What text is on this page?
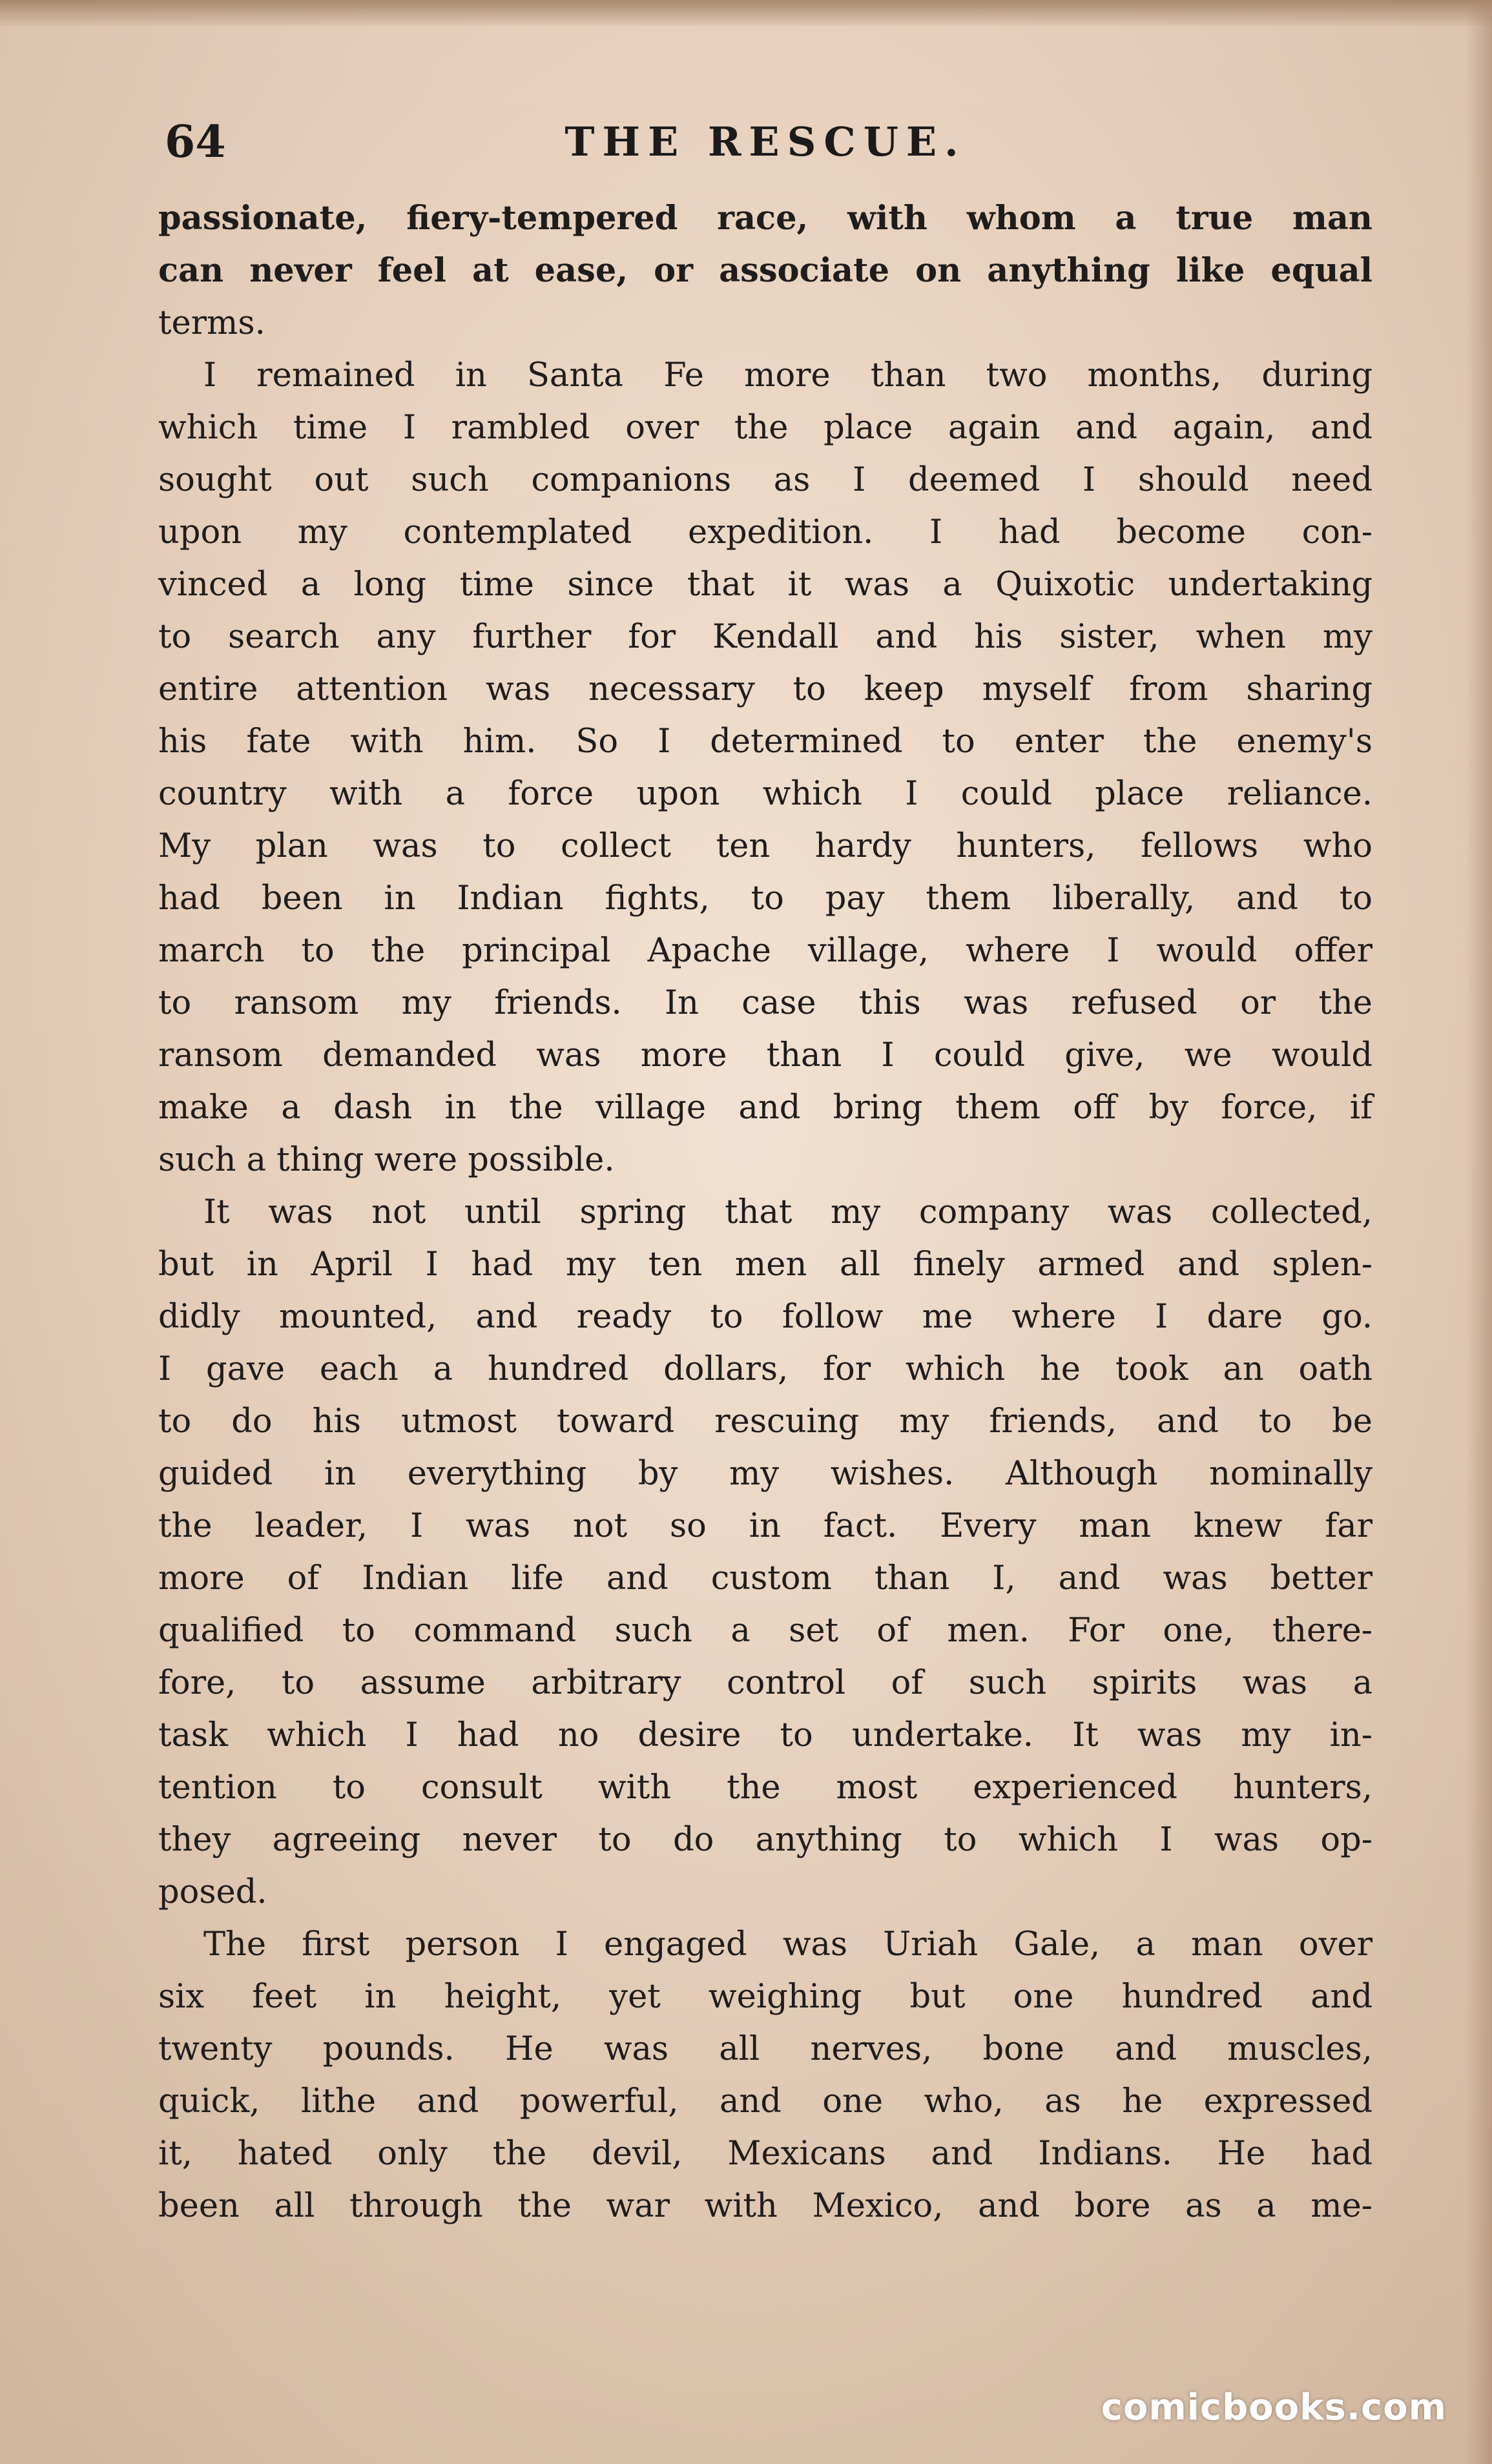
THE RESCUE.
64
passionate, fiery-tempered race, with whom a true man
can never feel at ease, or associate on anything like equal
terms.
I remained in Santa Fe more than two months, during
which time I rambled over the place again and again, and
sought out such companions as I deemed I should need
upon my contemplated expedition. I had become con-
vinced a long time since that it was a Quixotic undertaking
to search any further for Kendall and his sister, when my
entire attention was necessary to keep myself from sharing
his fate with him. So I determined to enter the enemy's
country with a force upon which I could place reliance.
My plan was to collect ten hardy hunters, fellows who
had been in Indian fights, to pay them liberally, and to
march to the principal Apache village, where I would offer
to ransom my friends. In case this was refused or the
ransom demanded was more than I could give, we would
make a dash in the village and bring them off by force, if
such a thing were possible.
It was not until spring that my company was collected,
but in April I had my ten men all finely armed and splen-
didly mounted, and ready to follow me where I dare go.
I gave each a hundred dollars, for which he took an oath
to do his utmost toward rescuing my friends, and to be
guided in everything by my wishes. Although nominally
the leader, I was not so in fact. Every man knew far
more of Indian life and custom than I, and was better
qualified to command such a set of men. For one, there-
fore, to assume arbitrary control of such spirits was a
task which I had no desire to undertake. It was my in-
tention to consult with the most experienced hunters,
they agreeing never to do anything to which I was op-
posed.
The first person I engaged was Uriah Gale, a man over
six feet in height, yet weighing but one hundred and
twenty pounds. He was all nerves, bone and muscles,
quick, lithe and powerful, and one who, as he expressed
it, hated only the devil, Mexicans and Indians. He had
been all through the war with Mexico, and bore as a me-
comicbooks.com
